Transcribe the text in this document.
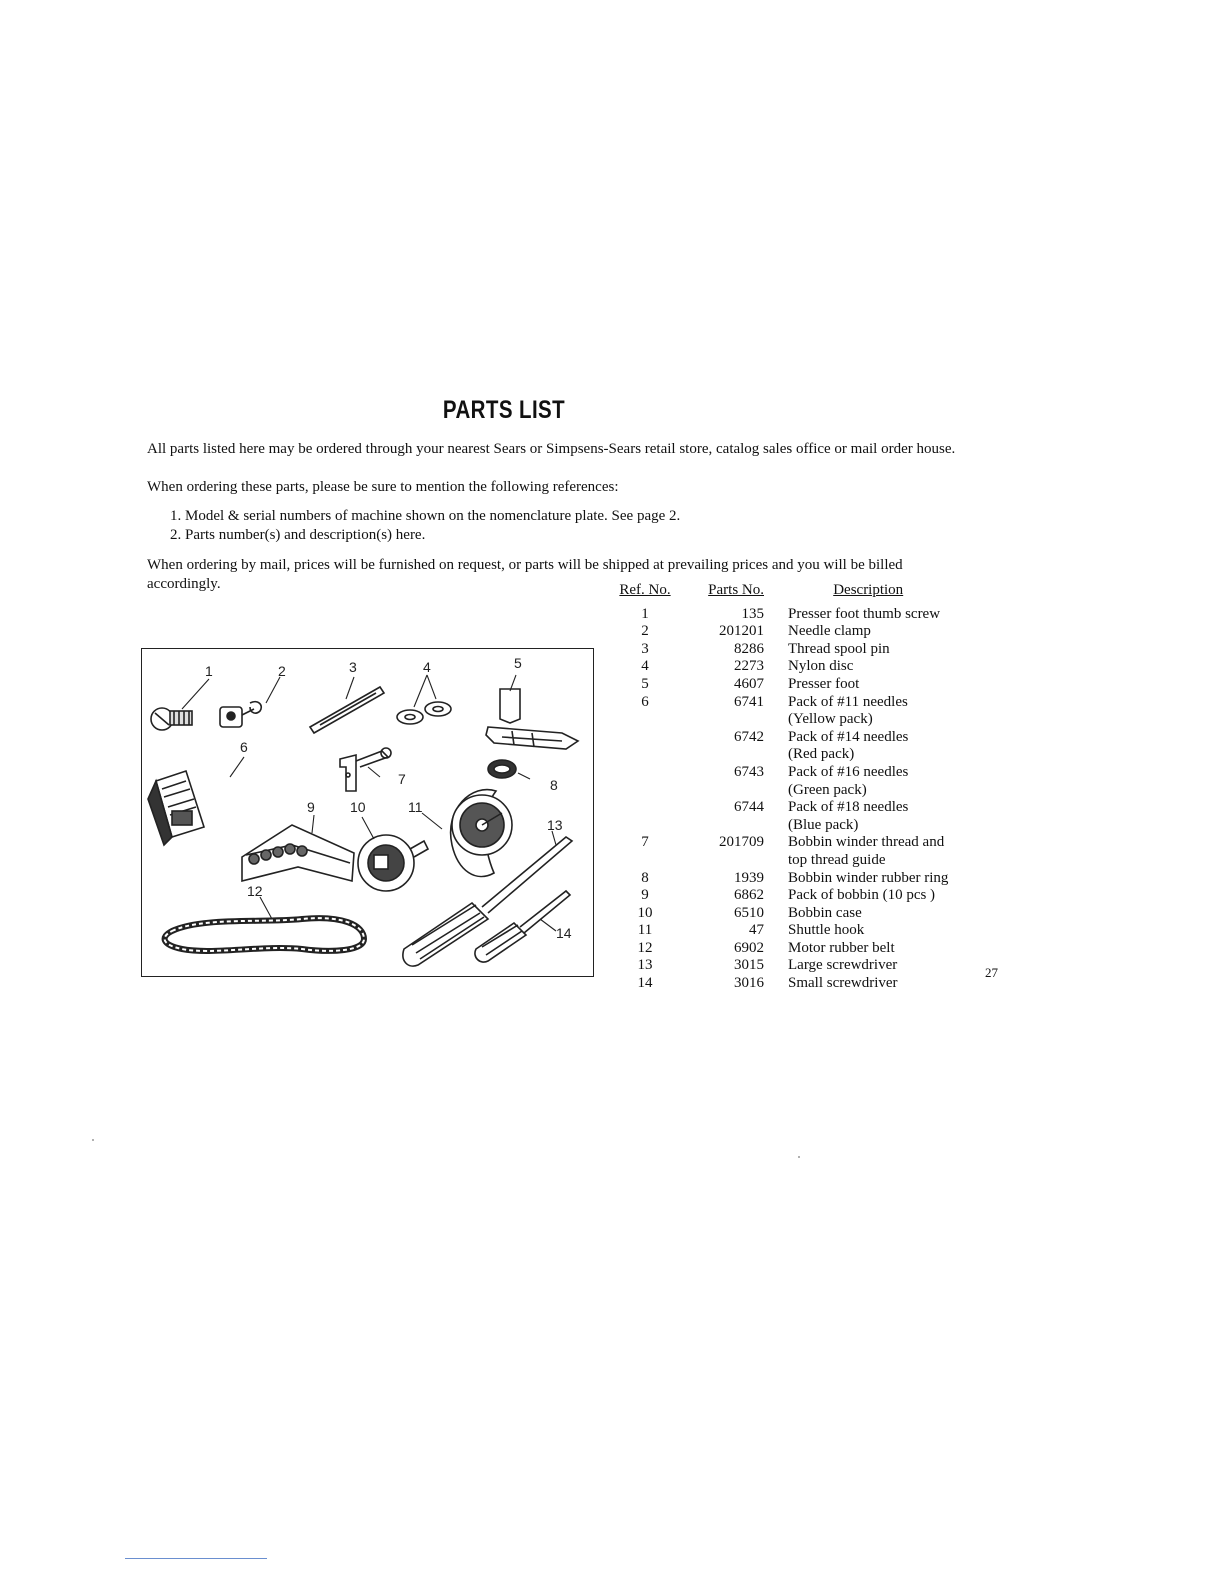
PARTS LIST

All parts listed here may be ordered through your nearest Sears or Simpsens-Sears retail store, catalog sales office or mail order house.

When ordering these parts, please be sure to mention the following references:

1. Model & serial numbers of machine shown on the nomenclature plate. See page 2.
2. Parts number(s) and description(s) here.

When ordering by mail, prices will be furnished on request, or parts will be shipped at prevailing prices and you will be billed accordingly.

1	2	3	4	5
6
7	8
9	10	11
13
12
14
Ref. No.	Parts No.	Description
1	135	Presser foot thumb screw
2	201201	Needle clamp
3	8286	Thread spool pin
4	2273	Nylon disc
5	4607	Presser foot
6	6741	Pack of #11 needles
		(Yellow pack)
	6742	Pack of #14 needles
		(Red pack)
	6743	Pack of #16 needles
		(Green pack)
	6744	Pack of #18 needles
		(Blue pack)
7	201709	Bobbin winder thread and
		top thread guide
8	1939	Bobbin winder rubber ring
9	6862	Pack of bobbin (10 pcs )
10	6510	Bobbin case
11	47	Shuttle hook
12	6902	Motor rubber belt
13	3015	Large screwdriver
14	3016	Small screwdriver
27
